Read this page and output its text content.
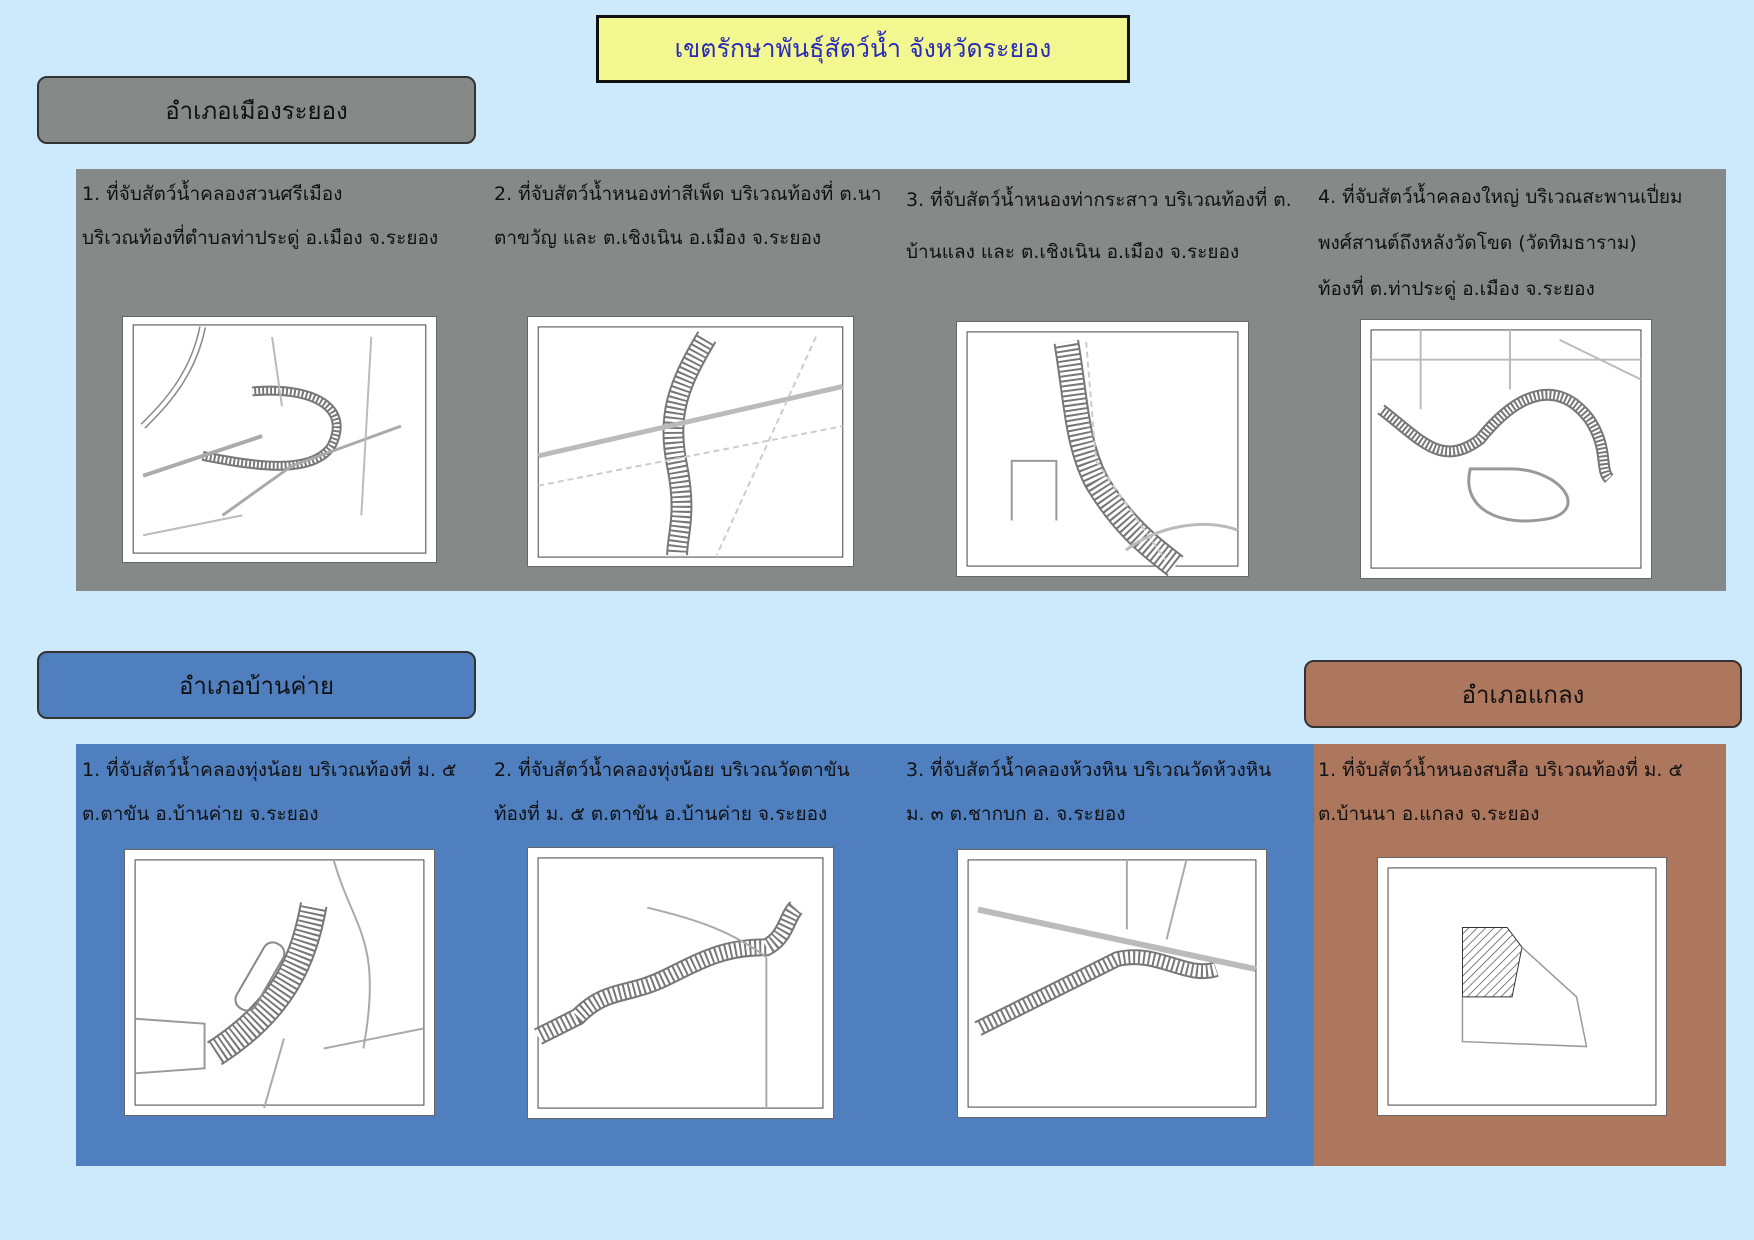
เขตรักษาพันธุ์สัตว์น้ำ จังหวัดระยอง
อำเภอเมืองระยอง
1. ที่จับสัตว์น้ำคลองสวนศรีเมือง
บริเวณท้องที่ตำบลท่าประดู่ อ.เมือง จ.ระยอง
2. ที่จับสัตว์น้ำหนองท่าสีเพ็ด บริเวณท้องที่ ต.นา
ตาขวัญ และ ต.เชิงเนิน อ.เมือง จ.ระยอง
3. ที่จับสัตว์น้ำหนองท่ากระสาว บริเวณท้องที่ ต.
บ้านแลง และ ต.เชิงเนิน อ.เมือง จ.ระยอง
4. ที่จับสัตว์น้ำคลองใหญ่ บริเวณสะพานเปี่ยม
พงศ์สานต์ถึงหลังวัดโขด (วัดทิมธาราม)
ท้องที่ ต.ท่าประดู่ อ.เมือง จ.ระยอง
อำเภอบ้านค่าย	อำเภอแกลง
1. ที่จับสัตว์น้ำคลองทุ่งน้อย บริเวณท้องที่ ม. ๕
ต.ตาขัน อ.บ้านค่าย จ.ระยอง
2. ที่จับสัตว์น้ำคลองทุ่งน้อย บริเวณวัดตาขัน
ท้องที่ ม. ๕ ต.ตาขัน อ.บ้านค่าย จ.ระยอง
3. ที่จับสัตว์น้ำคลองห้วงหิน บริเวณวัดห้วงหิน
ม. ๓ ต.ชากบก อ. จ.ระยอง
1. ที่จับสัตว์น้ำหนองสบสือ บริเวณท้องที่ ม. ๕
ต.บ้านนา อ.แกลง จ.ระยอง
